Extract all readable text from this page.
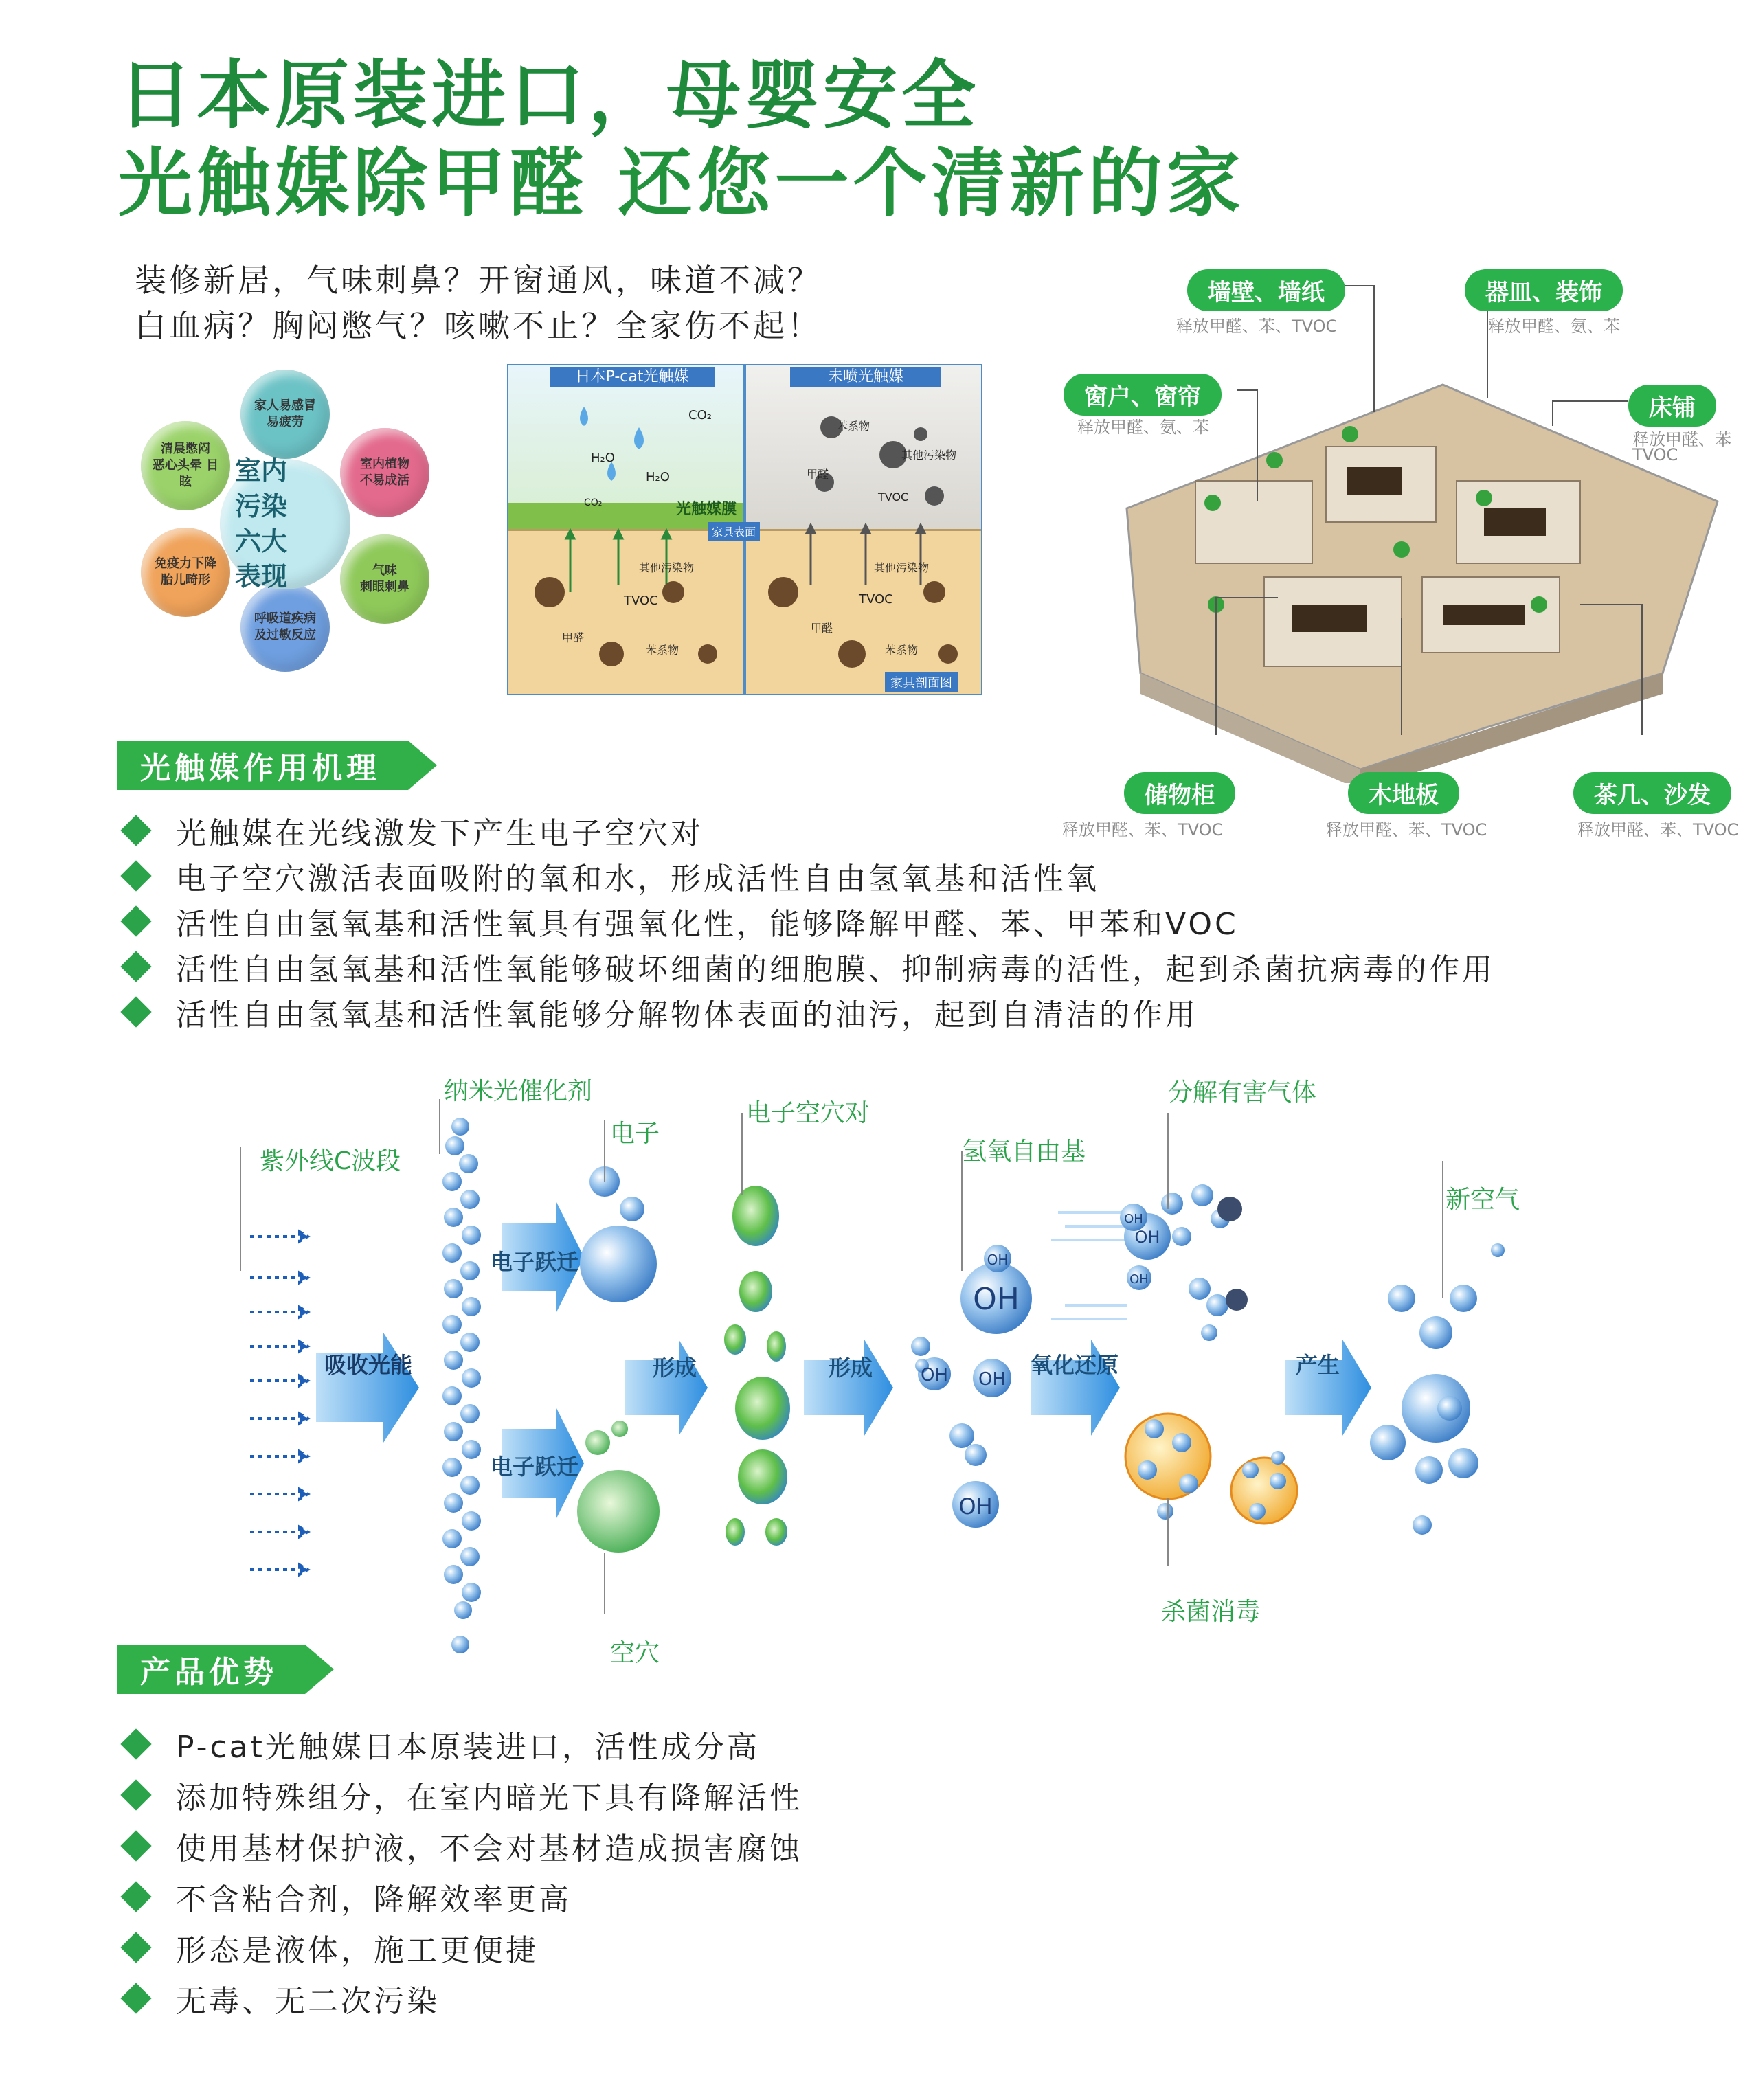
日本原装进口，母婴安全
光触媒除甲醛 还您一个清新的家
装修新居，气味刺鼻？开窗通风，味道不减？
白血病？胸闷憋气？咳嗽不止？全家伤不起！
家人易感冒
易疲劳
室内植物
不易成活
气味
刺眼刺鼻
呼吸道疾病
及过敏反应
免疫力下降
胎儿畸形
清晨憋闷
恶心头晕 目眩	室内污染
六大表现
日本P-cat光触媒	未喷光触媒
CO₂
H₂O
H₂O
CO₂	光触媒膜
家具表面
其他污染物
TVOC
甲醛
苯系物
苯系物
甲醛
其他污染物
TVOC
其他污染物
TVOC
甲醛
苯系物
家具剖面图
墙壁、墙纸
释放甲醛、苯、TVOC
器皿、装饰
释放甲醛、氨、苯
窗户、窗帘
释放甲醛、氨、苯
床铺
释放甲醛、苯
TVOC
储物柜
释放甲醛、苯、TVOC
木地板
释放甲醛、苯、TVOC
茶几、沙发
释放甲醛、苯、TVOC
光触媒作用机理
光触媒在光线激发下产生电子空穴对
电子空穴激活表面吸附的氧和水，形成活性自由氢氧基和活性氧
活性自由氢氧基和活性氧具有强氧化性，能够降解甲醛、苯、甲苯和VOC
活性自由氢氧基和活性氧能够破坏细菌的细胞膜、抑制病毒的活性，起到杀菌抗病毒的作用
活性自由氢氧基和活性氧能够分解物体表面的油污，起到自清洁的作用
OH
OH
OH OH
OH
OH
OH
OH
紫外线C波段
吸收光能
纳米光催化剂
电子
电子跃迁
电子跃迁
空穴
电子空穴对
形成	形成
氢氧自由基
氧化还原
分解有害气体
杀菌消毒
产生
新空气
产品优势
P-cat光触媒日本原装进口，活性成分高
添加特殊组分，在室内暗光下具有降解活性
使用基材保护液，不会对基材造成损害腐蚀
不含粘合剂，降解效率更高
形态是液体，施工更便捷
无毒、无二次污染
